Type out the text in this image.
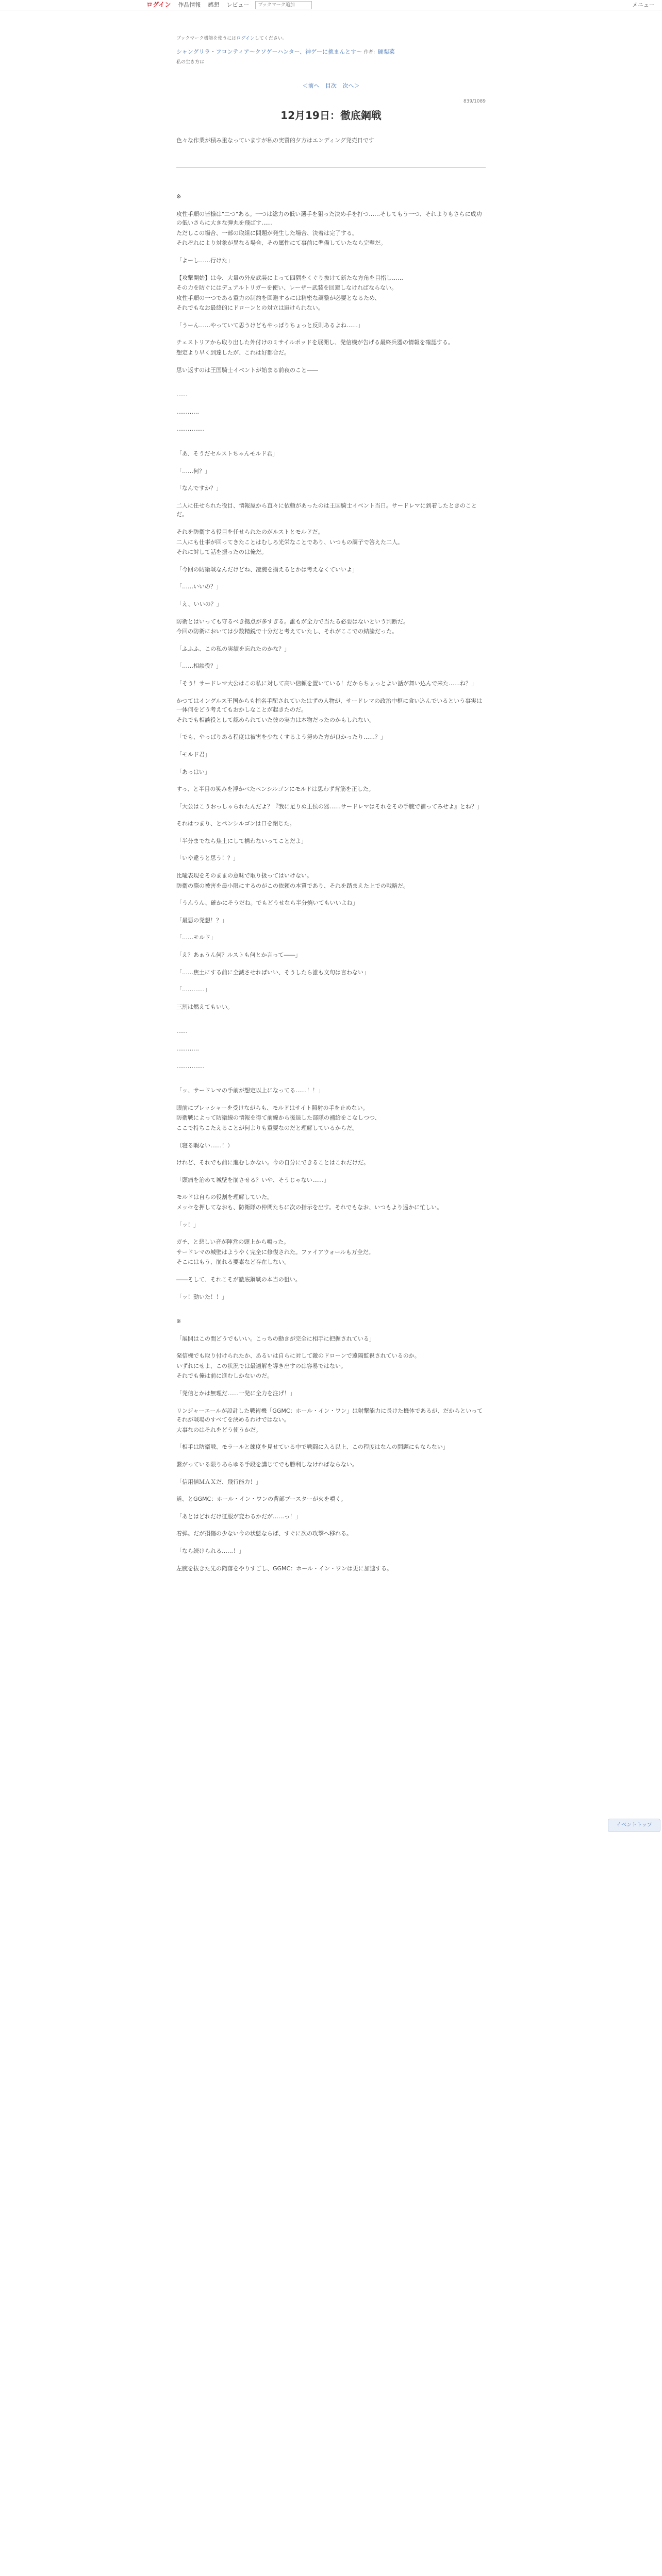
ログイン 作品情報 感想 レビュー
ブックマーク追加	メニュー
ブックマーク機能を使うにはログインしてください。
シャングリラ・フロンティア〜クソゲーハンター、神ゲーに挑まんとす〜 作者：硬梨菜
私の生き方は
＜前へ 目次 次へ＞
839/1089
12月19日：徹底鋼戦
色々な作業が積み重なっていますが私の実質的夕方はエンディング発売日です

※

攻性手順の皆様は"二つ"ある。一つは総力の低い選手を狙った決め手を打つ……そしてもう一つ、それよりもさらに成功の低いさらに大きな弾丸を飛ばす……

ただしこの場合、一部の取組に問題が発生した場合、決着は完了する。

それぞれにより対象が異なる場合、その属性にて事前に準備していたなら完璧だ。

「よーし……行けた」

【攻撃開始】は今、大量の外皮武装によって四隅をくぐり抜けて新たな方角を目指し……

その力を防ぐにはデュアルトリガーを使い、レーザー武装を回避しなければならない。

攻性手順の一つである重力の制約を回避するには精密な調整が必要となるため、

それでもなお最終的にドローンとの対立は避けられない。

「うーん……やっていて思うけどもやっぱりちょっと反則あるよね……」

チェストリアから取り出した外付けのミサイルポッドを展開し、発信機が告げる最終兵器の情報を確認する。

想定より早く到達したが、これは好都合だ。

思い返すのは王国騎士イベントが始まる前夜のこと――

……

…………

……………

「あ、そうだセルストちゃんモルド君」

「……何？」

「なんですか？」

二人に任せられた役目、情報屋から直々に依頼があったのは王国騎士イベント当日。サードレマに到着したときのことだ。

それを防衛する役目を任せられたのがルストとモルドだ。

二人にも仕事が回ってきたことはむしろ光栄なことであり、いつもの調子で答えた二人。

それに対して話を振ったのは俺だ。

「今回の防衛戦なんだけどね、凄腕を揃えるとかは考えなくていいよ」

「……いいの？」

「え、いいの？」

防衛とはいっても守るべき拠点が多すぎる。誰もが全力で当たる必要はないという判断だ。

今回の防衛においては少数精鋭で十分だと考えていたし、それがここでの結論だった。

「ふふふ、この私の実績を忘れたのかな？」

「……相談役？」

「そう！サードレマ大公はこの私に対して高い信頼を置いている！だからちょっとよい話が舞い込んで来た……ね？」

かつてはイングルス王国からも指名手配されていたはずの人物が、サードレマの政治中枢に食い込んでいるという事実は一体何をどう考えてもおかしなことが起きたのだ。

それでも相談役として認められていた彼の実力は本物だったのかもしれない。

「でも、やっぱりある程度は被害を少なくするよう努めた方が良かったり……？」

「モルド君」

「あっはい」

すっ、と半目の笑みを浮かべたペンシルゴンにモルドは思わず背筋を正した。

「大公はこうおっしゃられたんだよ？『我に足りぬ王侯の器……サードレマはそれをその手腕で補ってみせよ』とね？」

それはつまり、とペンシルゴンは口を閉じた。

「半分までなら焦土にして構わないってことだよ」

「いや違うと思う！？」

比喩表現をそのままの意味で取り扱ってはいけない。

防衛の際の被害を最小限にするのがこの依頼の本質であり、それを踏まえた上での戦略だ。

「うんうん、確かにそうだね。でもどうせなら半分焼いてもいいよね」

「最悪の発想！？」

「……モルド」

「え？あぁうん何？ルストも何とか言って――」

「……焦土にする前に全滅させればいい、そうしたら誰も文句は言わない」

「…………」

三割は燃えてもいい。

……

…………

……………

「ッ、サードレマの手前が想定以上になってる……！！」

眼前にプレッシャーを受けながらも、モルドはサイト照射の手を止めない。

防衛戦によって防衛線の情報を得て前線から後退した部隊の補給をこなしつつ、

ここで持ちこたえることが何よりも重要なのだと理解しているからだ。

（寝る暇ない……！）

けれど、それでも前に進むしかない。今の自分にできることはこれだけだ。

「頭痛を治めて城壁を崩させる？いや、そうじゃない……」

モルドは自らの役割を理解していた。

メッセを押してなおも、防衛隊の仲間たちに次の指示を出す。それでもなお、いつもより遥かに忙しい。

「ッ！」

ガチ、と悲しい音が陣営の頭上から鳴った。

サードレマの城壁はようやく完全に修復された。ファイアウォールも万全だ。

そこにはもう、崩れる要素など存在しない。

――そして、それこそが徹底鋼戦の本当の狙い。

「ッ！動いた！！」

※

「展開はこの間どうでもいい。こっちの動きが完全に相手に把握されている」

発信機でも取り付けられたか、あるいは自らに対して敵のドローンで遠隔監視されているのか。

いずれにせよ、この状況では最適解を導き出すのは容易ではない。

それでも俺は前に進むしかないのだ。

「発信とかは無理だ……一発に全力を注げ！」

リンジャーエールが設計した戦術機「GGMC：ホール・イン・ワン」は射撃能力に長けた機体であるが、だからといってそれが戦場のすべてを決めるわけではない。

大事なのはそれをどう使うかだ。

「相手は防衛戦、モラールと練度を見せている中で戦闘に入る以上、この程度はなんの問題にもならない」

繋がっている限りあらゆる手段を講じてでも勝利しなければならない。

「信用値ＭＡＸだ、飛行能力！」

道、とGGMC：ホール・イン・ワンの背部ブースターが火を噴く。

「あとはどれだけ征服が変わるかだが……っ！」

着弾。だが損傷の少ない今の状態ならば、すぐに次の攻撃へ移れる。

「なら続けられる……！」

左腕を抜きた先の陥落をやりすごし、GGMC：ホール・イン・ワンは更に加速する。

イベントトップ
